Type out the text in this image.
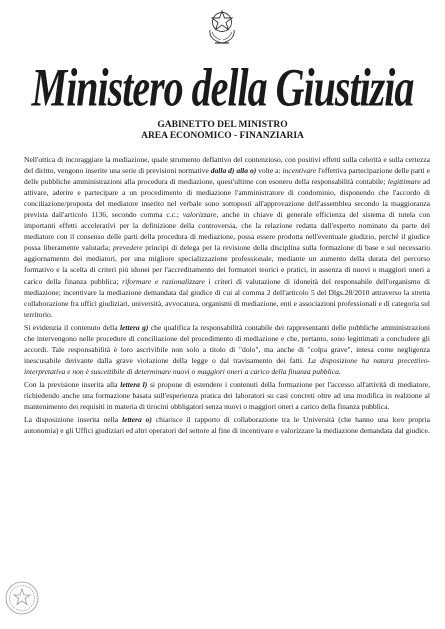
Ministero della Giustizia
GABINETTO DEL MINISTRO
AREA ECONOMICO - FINANZIARIA

Nell'ottica di incoraggiare la mediazione, quale strumento deflattivo del contenzioso, con positivi effetti sulla celerità e sulla certezza del diritto, vengono inserite una serie di previsioni normative dalla d) alla o) volte a: incentivare l'effettiva partecipazione delle parti e delle pubbliche amministrazioni alla procedura di mediazione, quest'ultime con esonero della responsabilità contabile; legittimare ad attivare, aderire e partecipare a un procedimento di mediazione l'amministratore di condominio, disponendo che l'accordo di conciliazione/proposta del mediatore inserito nel verbale sono sottoposti all'approvazione dell'assemblea secondo la maggioranza prevista dall'articolo 1136, secondo comma c.c.; valorizzare, anche in chiave di generale efficienza del sistema di tutela con importanti effetti acceleratívi per la definizione della controversia, che la relazione redatta dall'esperto nominato da parte del mediatore con il consenso delle parti della procedura di mediazione, possa essere prodotta nell'eventuale giudizio, perché il giudice possa liberamente valutarla; prevedere principi di delega per la revisione della disciplina sulla formazione di base e sul necessario aggiornamento dei mediatori, per una migliore specializzazione professionale, mediante un aumento della durata del percorso formativo e la scelta di criteri più idonei per l'accreditamento dei formatori teorici e pratici, in assenza di nuovi o maggiori oneri a carico della finanza pubblica; riformare e razionalizzare i criteri di valutazione di idoneità del responsabile dell'organismo di mediazione; incentivare la mediazione demandata dal giudice di cui al comma 2 dell'articolo 5 del Dlgs.28/2010 attraverso la stretta collaborazione fra uffici giudiziari, università, avvocatura, organismi di mediazione, enti e associazioni professionali e di categoria sul territorio.

Si evidenzia il contenuto della lettera g) che qualifica la responsabilità contabile dei rappresentanti delle pubbliche amministrazioni che intervengono nelle procedure di conciliazione del procedimento di mediazione e che, pertanto, sono legittimati a concludere gli accordi. Tale responsabilità è loro ascrivibile non solo a titolo di "dolo", ma anche di "colpa grave", intesa come negligenza inescusabile derivante dalla grave violazione della legge o dal travisamento dei fatti. La disposizione ha natura precettivo-interpretativa e non è suscettibile di determinare nuovi o maggiori oneri a carico della finanza pubblica.

Con la previsione inserita alla lettera l) si propone di estendere i contenuti della formazione per l'accesso all'attività di mediatore, richiedendo anche una formazione basata sull'esperienza pratica dei laboratori su casi concreti oltre ad una modifica in realzione al mantenimento dei requisiti in materia di tirocini obbligatori senza nuovi o maggiori oneri a carico della finanza pubblica.

La disposizione inserita nella lettera o) chiarisce il rapporto di collaborazione tra le Università (che hanno una loro propria autonomia) e gli Uffici giudiziari ed altri operatori del settore al fine di incentivare e valorizzare la mediazione demandata dal giudice.
